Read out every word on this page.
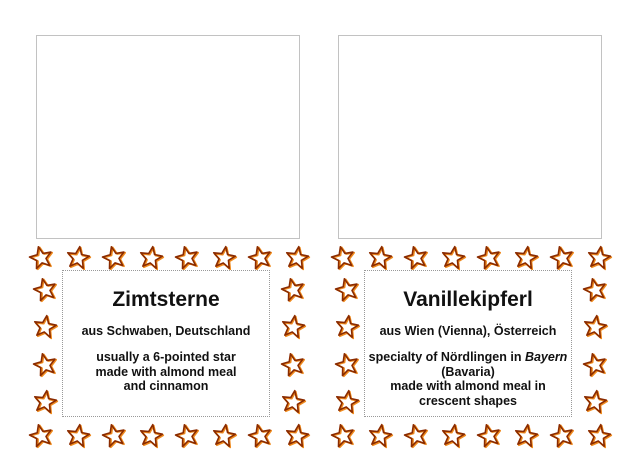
Zimtsterne

aus Schwaben, Deutschland

usually a 6-pointed star
made with almond meal
and cinnamon

Vanillekipferl

aus Wien (Vienna), Österreich

specialty of Nördlingen in Bayern
(Bavaria)
made with almond meal in
crescent shapes
